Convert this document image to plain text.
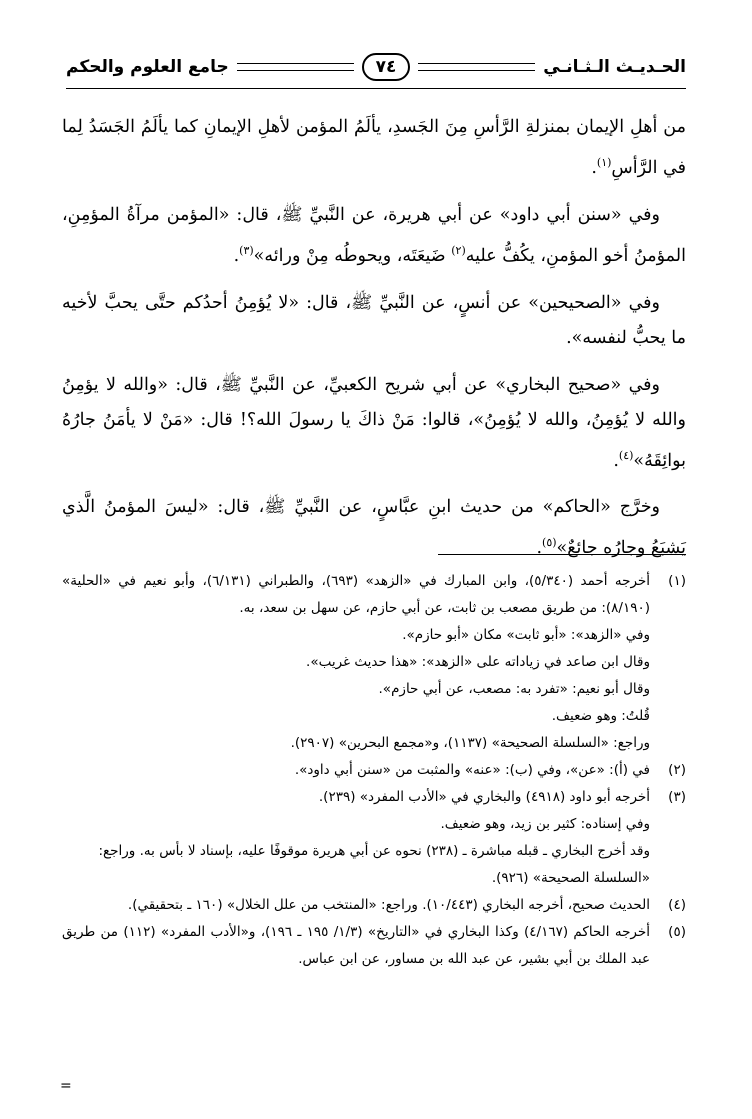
الحـديـث الـثـانـي
٧٤
جامع العلوم والحكم

من أهلِ الإيمان بمنزلةِ الرَّأسِ مِنَ الجَسدِ، يألَمُ المؤمن لأهلِ الإيمانِ كما يألَمُ الجَسَدُ لِما في الرَّأسِ$^{(١)}$.

وفي «سنن أبي داود» عن أبي هريرة، عن النَّبيِّ ﷺ، قال: «المؤمن مرآةُ المؤمِنِ، المؤمنُ أخو المؤمنِ، يكُفُّ عليه$^{(٢)}$ ضَيعَتَه، ويحوطُه مِنْ ورائه»$^{(٣)}$.

وفي «الصحيحين» عن أنسٍ، عن النَّبيِّ ﷺ، قال: «لا يُؤمِنُ أحدُكم حتَّى يحبَّ لأخيه ما يحبُّ لنفسه».

وفي «صحيح البخاري» عن أبي شريح الكعبيِّ، عن النَّبيِّ ﷺ، قال: «والله لا يؤمِنُ والله لا يُؤمِنُ، والله لا يُؤمِنُ»، قالوا: مَنْ ذاكَ يا رسولَ الله؟! قال: «مَنْ لا يأمَنُ جارُهُ بوائِقَهُ»$^{(٤)}$.

وخرَّج «الحاكم» من حديث ابنِ عبَّاسٍ، عن النَّبيِّ ﷺ، قال: «ليسَ المؤمنُ الَّذي يَشبَعُ وجارُه جائعٌ»$^{(٥)}$.

(١)
أخرجه أحمد (٥/٣٤٠)، وابن المبارك في «الزهد» (٦٩٣)، والطبراني (٦/١٣١)، وأبو نعيم في «الحلية» (٨/١٩٠): من طريق مصعب بن ثابت، عن أبي حازم، عن سهل بن سعد، به.
وفي «الزهد»: «أبو ثابت» مكان «أبو حازم».
وقال ابن صاعد في زياداته على «الزهد»: «هذا حديث غريب».
وقال أبو نعيم: «تفرد به: مصعب، عن أبي حازم».
قُلتُ: وهو ضعيف.
وراجع: «السلسلة الصحيحة» (١١٣٧)، و«مجمع البحرين» (٢٩٠٧).
(٢)
في (أ): «عن»، وفي (ب): «عنه» والمثبت من «سنن أبي داود».
(٣)
أخرجه أبو داود (٤٩١٨) والبخاري في «الأدب المفرد» (٢٣٩).
وفي إسناده: كثير بن زيد، وهو ضعيف.
وقد أخرج البخاري ـ قبله مباشرة ـ (٢٣٨) نحوه عن أبي هريرة موقوفًا عليه، بإسناد لا بأس به. وراجع: «السلسلة الصحيحة» (٩٢٦).
(٤)
الحديث صحيح، أخرجه البخاري (١٠/٤٤٣). وراجع: «المنتخب من علل الخلال» (١٦٠ ـ بتحقيقي).
(٥)
أخرجه الحاكم (٤/١٦٧) وكذا البخاري في «التاريخ» (١/٣/ ١٩٥ ـ ١٩٦)، و«الأدب المفرد» (١١٢) من طريق عبد الملك بن أبي بشير، عن عبد الله بن مساور، عن ابن عباس.
=
